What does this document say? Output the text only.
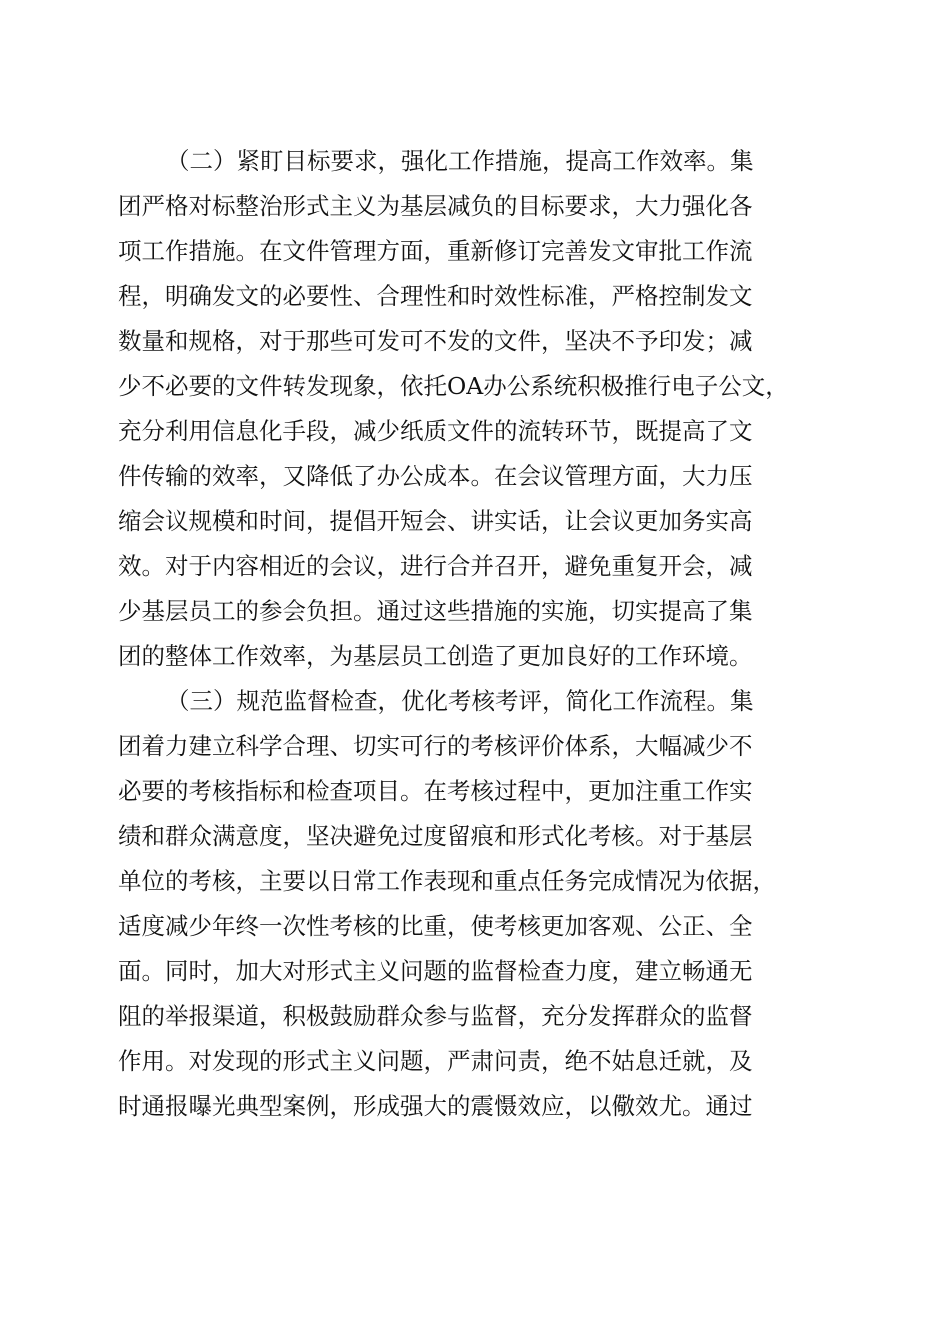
（二）紧盯目标要求，强化工作措施，提高工作效率。集
团严格对标整治形式主义为基层减负的目标要求，大力强化各
项工作措施。在文件管理方面，重新修订完善发文审批工作流
程，明确发文的必要性、合理性和时效性标准，严格控制发文
数量和规格，对于那些可发可不发的文件，坚决不予印发；减
少不必要的文件转发现象，依托OA办公系统积极推行电子公文，
充分利用信息化手段，减少纸质文件的流转环节，既提高了文
件传输的效率，又降低了办公成本。在会议管理方面，大力压
缩会议规模和时间，提倡开短会、讲实话，让会议更加务实高
效。对于内容相近的会议，进行合并召开，避免重复开会，减
少基层员工的参会负担。通过这些措施的实施，切实提高了集
团的整体工作效率，为基层员工创造了更加良好的工作环境。
（三）规范监督检查，优化考核考评，简化工作流程。集
团着力建立科学合理、切实可行的考核评价体系，大幅减少不
必要的考核指标和检查项目。在考核过程中，更加注重工作实
绩和群众满意度，坚决避免过度留痕和形式化考核。对于基层
单位的考核，主要以日常工作表现和重点任务完成情况为依据，
适度减少年终一次性考核的比重，使考核更加客观、公正、全
面。同时，加大对形式主义问题的监督检查力度，建立畅通无
阻的举报渠道，积极鼓励群众参与监督，充分发挥群众的监督
作用。对发现的形式主义问题，严肃问责，绝不姑息迁就，及
时通报曝光典型案例，形成强大的震慑效应，以儆效尤。通过
